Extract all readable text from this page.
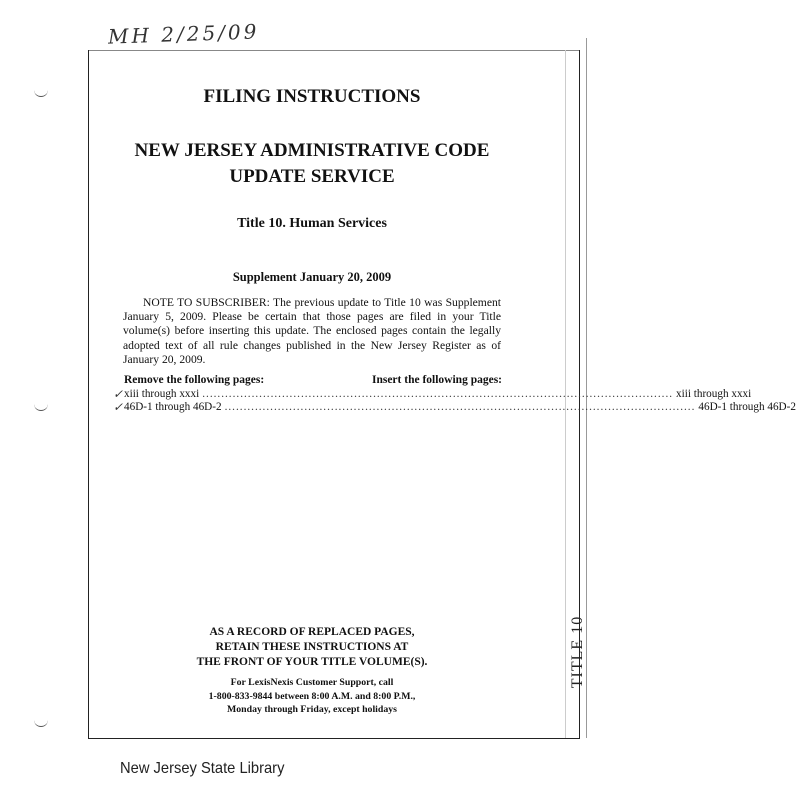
MH 2/25/09
FILING INSTRUCTIONS
NEW JERSEY ADMINISTRATIVE CODE
UPDATE SERVICE
Title 10. Human Services
Supplement January 20, 2009
NOTE TO SUBSCRIBER: The previous update to Title 10 was Supplement January 5, 2009. Please be certain that those pages are filed in your Title volume(s) before inserting this update. The enclosed pages contain the legally adopted text of all rule changes published in the New Jersey Register as of January 20, 2009.
Remove the following pages:	Insert the following pages:
✓
✓
xiii through xxxi ............................................................................................................................ xiii through xxxi
46D-1 through 46D-2 ............................................................................................................................ 46D-1 through 46D-2
AS A RECORD OF REPLACED PAGES,
RETAIN THESE INSTRUCTIONS AT
THE FRONT OF YOUR TITLE VOLUME(S).
For LexisNexis Customer Support, call
1-800-833-9844 between 8:00 A.M. and 8:00 P.M.,
Monday through Friday, except holidays
TITLE 10
New Jersey State Library
